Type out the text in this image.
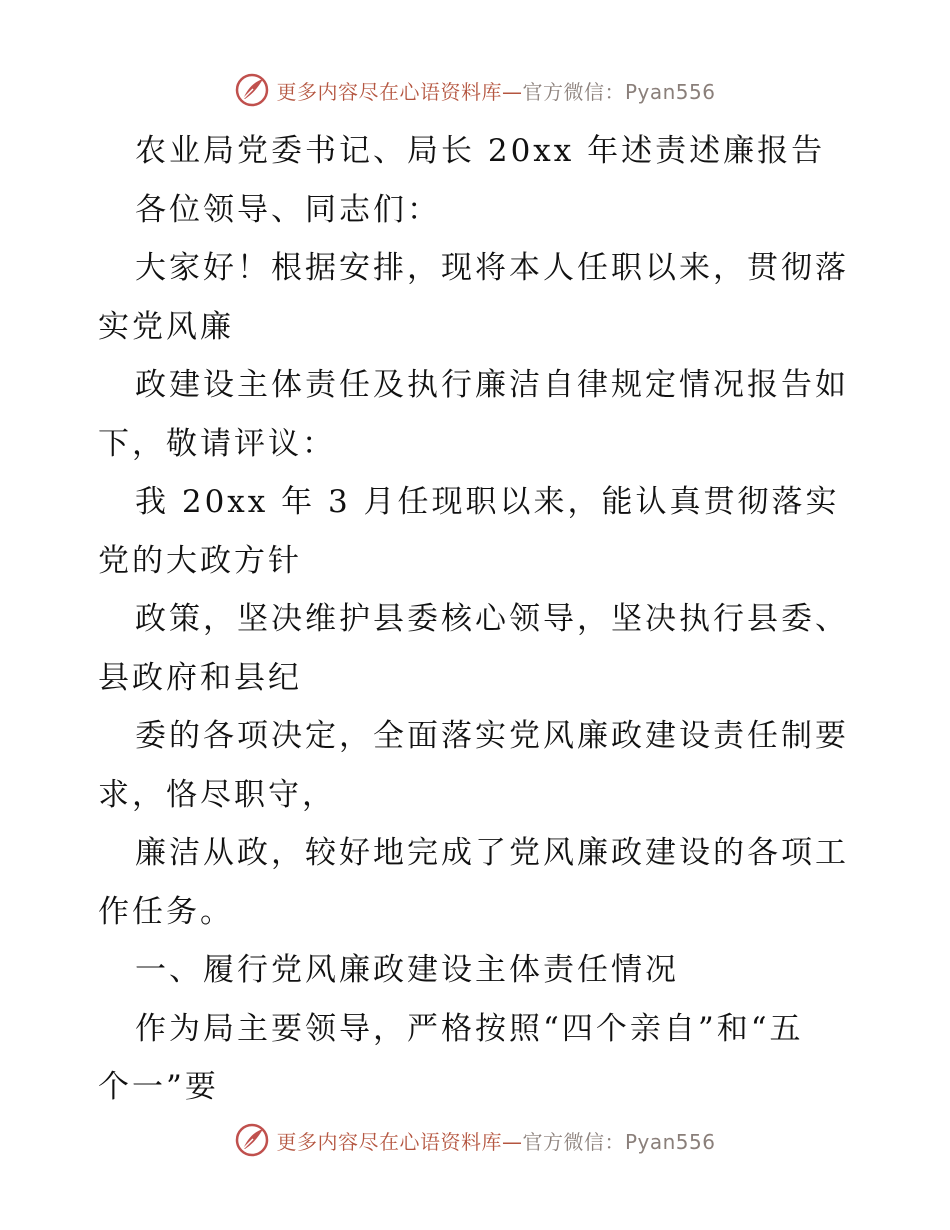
更多内容尽在心语资料库—官方微信：Pyan556
农业局党委书记、局长 20xx 年述责述廉报告
各位领导、同志们：
大家好！根据安排，现将本人任职以来，贯彻落
实党风廉
政建设主体责任及执行廉洁自律规定情况报告如
下，敬请评议：
我 20xx 年 3 月任现职以来，能认真贯彻落实
党的大政方针
政策，坚决维护县委核心领导，坚决执行县委、
县政府和县纪
委的各项决定，全面落实党风廉政建设责任制要
求，恪尽职守，
廉洁从政，较好地完成了党风廉政建设的各项工
作任务。
一、履行党风廉政建设主体责任情况
作为局主要领导，严格按照“四个亲自”和“五
个一”要
更多内容尽在心语资料库—官方微信：Pyan556
